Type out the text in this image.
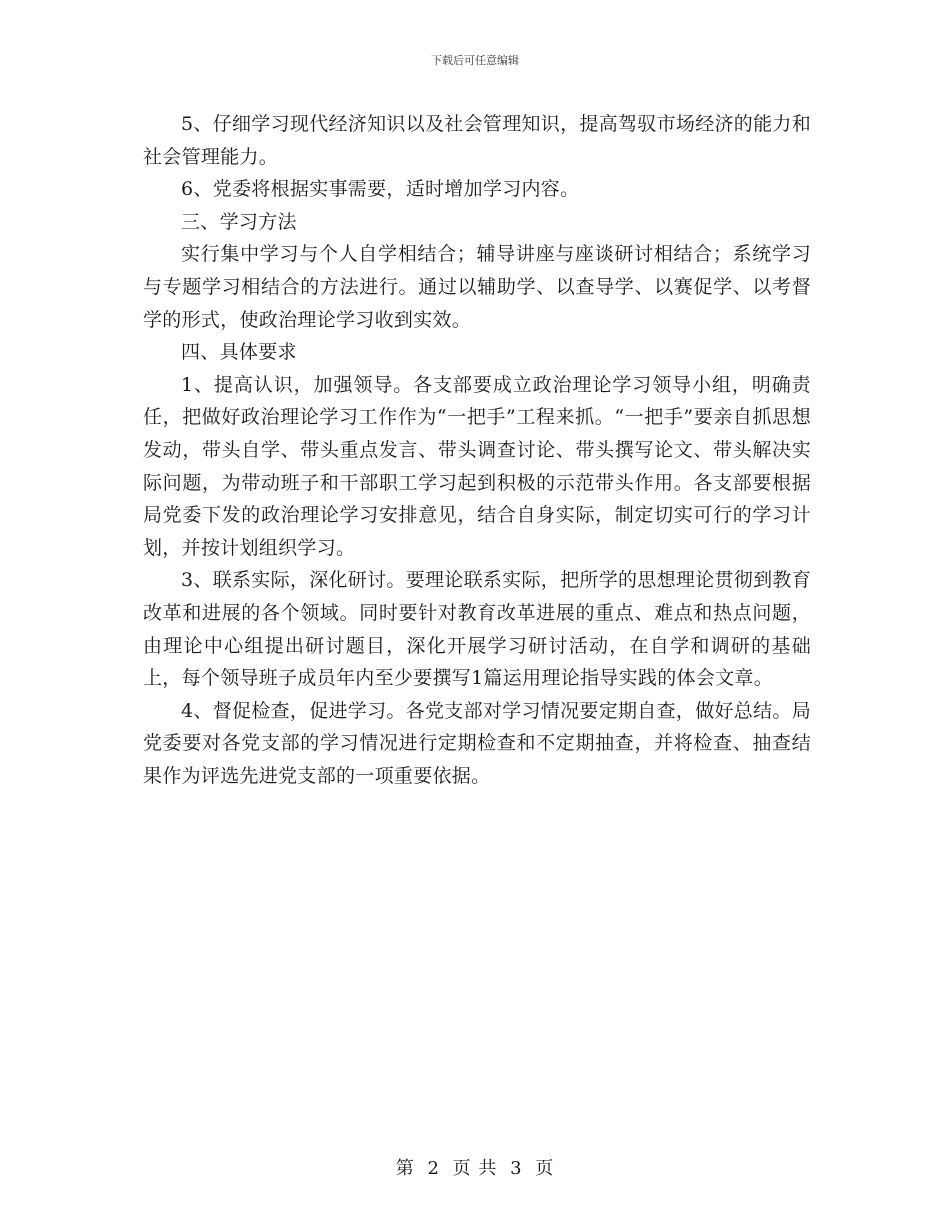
下载后可任意编辑

5、仔细学习现代经济知识以及社会管理知识，提高驾驭市场经济的能力和社会管理能力。

6、党委将根据实事需要，适时增加学习内容。

三、学习方法

实行集中学习与个人自学相结合；辅导讲座与座谈研讨相结合；系统学习与专题学习相结合的方法进行。通过以辅助学、以查导学、以赛促学、以考督学的形式，使政治理论学习收到实效。

四、具体要求

1、提高认识，加强领导。各支部要成立政治理论学习领导小组，明确责任，把做好政治理论学习工作作为“一把手”工程来抓。“一把手”要亲自抓思想发动，带头自学、带头重点发言、带头调查讨论、带头撰写论文、带头解决实际问题，为带动班子和干部职工学习起到积极的示范带头作用。各支部要根据局党委下发的政治理论学习安排意见，结合自身实际，制定切实可行的学习计划，并按计划组织学习。

3、联系实际，深化研讨。要理论联系实际，把所学的思想理论贯彻到教育改革和进展的各个领域。同时要针对教育改革进展的重点、难点和热点问题，由理论中心组提出研讨题目，深化开展学习研讨活动，在自学和调研的基础上，每个领导班子成员年内至少要撰写1篇运用理论指导实践的体会文章。

4、督促检查，促进学习。各党支部对学习情况要定期自查，做好总结。局党委要对各党支部的学习情况进行定期检查和不定期抽查，并将检查、抽查结果作为评选先进党支部的一项重要依据。

第 2 页 共 3 页
